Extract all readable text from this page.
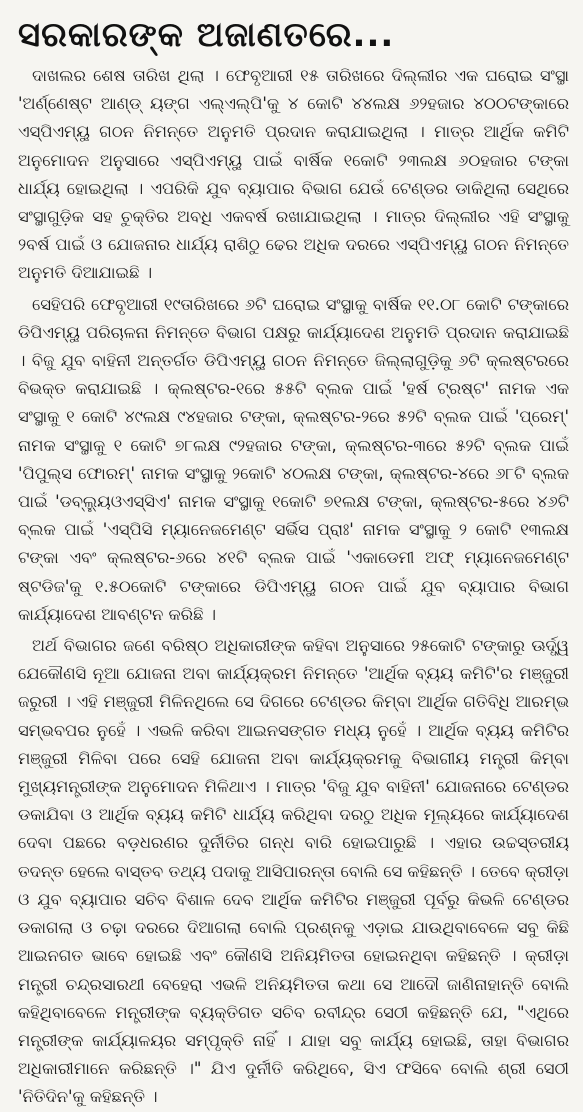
ସରକାରଙ୍କ ଅଜାଣତରେ...

ଦାଖଲର ଶେଷ ତାରିଖ ଥିଲା । ଫେବୃଆରୀ ୧୫ ତାରିଖରେ ଦିଲ୍ଲୀର ଏକ ଘରୋଇ ସଂସ୍ଥା 'ଅର୍ଣ୍ଣେଷ୍ଟ ଆଣ୍ଡ୍ ୟଙ୍ଗ ଏଲ୍‌ଏଲ୍‌ପି'କୁ ୪ କୋଟି ୪୪ଲକ୍ଷ ୬୨ହଜାର ୪୦୦ଟଙ୍କାରେ ଏସ୍‌ପିଏମ୍‌ୟୁ ଗଠନ ନିମନ୍ତେ ଅନୁମତି ପ୍ରଦାନ କରାଯାଇଥିଲା । ମାତ୍ର ଆର୍ଥିକ କମିଟି ଅନୁମୋଦନ ଅନୁସାରେ ଏସ୍‌ପିଏମ୍‌ୟୁ ପାଇଁ ବାର୍ଷିକ ୧କୋଟି ୨୩ଲକ୍ଷ ୬୦ହଜାର ଟଙ୍କା ଧାର୍ଯ୍ୟ ହୋଇଥିଲା । ଏପରିକି ଯୁବ ବ୍ୟାପାର ବିଭାଗ ଯେଉଁ ଟେଣ୍ଡର ଡାକିଥିଲା ସେଥିରେ ସଂସ୍ଥାଗୁଡ଼ିକ ସହ ଚୁକ୍ତିର ଅବଧି ଏକବର୍ଷ ରଖାଯାଇଥିଲା । ମାତ୍ର ଦିଲ୍ଲୀର ଏହି ସଂସ୍ଥାକୁ ୨ବର୍ଷ ପାଇଁ ଓ ଯୋଜନାର ଧାର୍ଯ୍ୟ ରାଶିଠୁ ଢେର ଅଧିକ ଦରରେ ଏସ୍‌ପିଏମ୍‌ୟୁ ଗଠନ ନିମନ୍ତେ ଅନୁମତି ଦିଆଯାଇଛି ।

ସେହିପରି ଫେବୃଆରୀ ୧୯ତାରିଖରେ ୬ଟି ଘରୋଇ ସଂସ୍ଥାକୁ ବାର୍ଷିକ ୧୧.୦୮ କୋଟି ଟଙ୍କାରେ ଡିପିଏମ୍‌ୟୁ ପରିଚାଳନା ନିମନ୍ତେ ବିଭାଗ ପକ୍ଷରୁ କାର୍ଯ୍ୟାଦେଶ ଅନୁମତି ପ୍ରଦାନ କରାଯାଇଛି । ବିଜୁ ଯୁବ ବାହିନୀ ଅନ୍ତର୍ଗତ ଡିପିଏମ୍‌ୟୁ ଗଠନ ନିମନ୍ତେ ଜିଲ୍ଲାଗୁଡ଼ିକୁ ୬ଟି କ୍ଲଷ୍ଟରରେ ବିଭକ୍ତ କରାଯାଇଛି । କ୍ଲଷ୍ଟର-୧ରେ ୫୫ଟି ବ୍ଲକ ପାଇଁ 'ହର୍ଷ ଟ୍ରଷ୍ଟ' ନାମକ ଏକ ସଂସ୍ଥାକୁ ୧ କୋଟି ୪୯ଲକ୍ଷ ୯୪ହଜାର ଟଙ୍କା, କ୍ଲଷ୍ଟର-୨ରେ ୫୨ଟି ବ୍ଲକ ପାଇଁ 'ପ୍ରେମ୍' ନାମକ ସଂସ୍ଥାକୁ ୧ କୋଟି ୭୮ଲକ୍ଷ ୯୨ହଜାର ଟଙ୍କା, କ୍ଲଷ୍ଟର-୩ରେ ୫୨ଟି ବ୍ଲକ ପାଇଁ 'ପିପୁଲ୍ସ ଫୋରମ୍' ନାମକ ସଂସ୍ଥାକୁ ୨କୋଟି ୪୦ଲକ୍ଷ ଟଙ୍କା, କ୍ଲଷ୍ଟର-୪ରେ ୬୮ଟି ବ୍ଲକ ପାଇଁ 'ଡବ୍ଲ୍ୟୁଓଏସ୍‌ସିଏ' ନାମକ ସଂସ୍ଥାକୁ ୧କୋଟି ୭୧ଲକ୍ଷ ଟଙ୍କା, କ୍ଲଷ୍ଟର-୫ରେ ୪୬ଟି ବ୍ଲକ ପାଇଁ 'ଏସ୍‌ପିସି ମ୍ୟାନେଜମେଣ୍ଟ ସର୍ଭିସ ପ୍ରାଃ' ନାମକ ସଂସ୍ଥାକୁ ୨ କୋଟି ୧୩ଲକ୍ଷ ଟଙ୍କା ଏବଂ କ୍ଲଷ୍ଟର-୬ରେ ୪୧ଟି ବ୍ଲକ ପାଇଁ 'ଏକାଡେମୀ ଅଫ୍ ମ୍ୟାନେଜମେଣ୍ଟ ଷ୍ଟଡିଜ'କୁ ୧.୫୦କୋଟି ଟଙ୍କାରେ ଡିପିଏମ୍‌ୟୁ ଗଠନ ପାଇଁ ଯୁବ ବ୍ୟାପାର ବିଭାଗ କାର୍ଯ୍ୟାଦେଶ ଆବଣ୍ଟନ କରିଛି ।

ଅର୍ଥ ବିଭାଗର ଜଣେ ବରିଷ୍ଠ ଅଧିକାରୀଙ୍କ କହିବା ଅନୁସାରେ ୨୫କୋଟି ଟଙ୍କାରୁ ଊର୍ଦ୍ଧ୍ୱ ଯେକୌଣସି ନୂଆ ଯୋଜନା ଅବା କାର୍ଯ୍ୟକ୍ରମ ନିମନ୍ତେ 'ଆର୍ଥିକ ବ୍ୟୟ କମିଟି'ର ମଞ୍ଜୁରୀ ଜରୁରୀ । ଏହି ମଞ୍ଜୁରୀ ମିଳିନଥିଲେ ସେ ଦିଗରେ ଟେଣ୍ଡର କିମ୍ବା ଆର୍ଥିକ ଗତିବିଧି ଆରମ୍ଭ ସମ୍ଭବପର ନୁହେଁ । ଏଭଳି କରିବା ଆଇନସଙ୍ଗତ ମଧ୍ୟ ନୁହେଁ । ଆର୍ଥିକ ବ୍ୟୟ କମିଟିର ମଞ୍ଜୁରୀ ମିଳିବା ପରେ ସେହି ଯୋଜନା ଅବା କାର୍ଯ୍ୟକ୍ରମକୁ ବିଭାଗୀୟ ମନ୍ତ୍ରୀ କିମ୍ବା ମୁଖ୍ୟମନ୍ତ୍ରୀଙ୍କ ଅନୁମୋଦନ ମିଳିଥାଏ । ମାତ୍ର 'ବିଜୁ ଯୁବ ବାହିନୀ' ଯୋଜନାରେ ଟେଣ୍ଡର ଡକାଯିବା ଓ ଆର୍ଥିକ ବ୍ୟୟ କମିଟି ଧାର୍ଯ୍ୟ କରିଥିବା ଦରଠୁ ଅଧିକ ମୂଲ୍ୟରେ କାର୍ଯ୍ୟାଦେଶ ଦେବା ପଛରେ ବଡ଼ଧରଣର ଦୁର୍ନୀତିର ଗନ୍ଧ ବାରି ହୋଇପାରୁଛି । ଏହାର ଉଚ୍ଚସ୍ତରୀୟ ତଦନ୍ତ ହେଲେ ବାସ୍ତବ ତଥ୍ୟ ପଦାକୁ ଆସିପାରନ୍ତା ବୋଲି ସେ କହିଛନ୍ତି । ତେବେ କ୍ରୀଡ଼ା ଓ ଯୁବ ବ୍ୟାପାର ସଚିବ ବିଶାଳ ଦେବ ଆର୍ଥିକ କମିଟିର ମଞ୍ଜୁରୀ ପୂର୍ବରୁ କିଭଳି ଟେଣ୍ଡର ଡକାଗଲା ଓ ଚଢ଼ା ଦରରେ ଦିଆଗଲା ବୋଲି ପ୍ରଶ୍ନକୁ ଏଡ଼ାଇ ଯାଉଥିବାବେଳେ ସବୁ କିଛି ଆଇନଗତ ଭାବେ ହୋଇଛି ଏବଂ କୌଣସି ଅନିୟମିତତା ହୋଇନଥିବା କହିଛନ୍ତି । କ୍ରୀଡ଼ା ମନ୍ତ୍ରୀ ଚନ୍ଦ୍ରସାରଥୀ ବେହେରା ଏଭଳି ଅନିୟମିତତା କଥା ସେ ଆଦୌ ଜାଣିନାହାନ୍ତି ବୋଲି କହିଥିବାବେଳେ ମନ୍ତ୍ରୀଙ୍କ ବ୍ୟକ୍ତିଗତ ସଚିବ ରବୀନ୍ଦ୍ର ସେଠୀ କହିଛନ୍ତି ଯେ, "ଏଥିରେ ମନ୍ତ୍ରୀଙ୍କ କାର୍ଯ୍ୟାଳୟର ସମ୍ପୃକ୍ତି ନାହିଁ । ଯାହା ସବୁ କାର୍ଯ୍ୟ ହୋଇଛି, ତାହା ବିଭାଗର ଅଧିକାରୀମାନେ କରିଛନ୍ତି ।" ଯିଏ ଦୁର୍ନୀତି କରିଥିବେ, ସିଏ ଫସିବେ ବୋଲି ଶ୍ରୀ ସେଠୀ 'ନିତିଦିନ'କୁ କହିଛନ୍ତି ।
